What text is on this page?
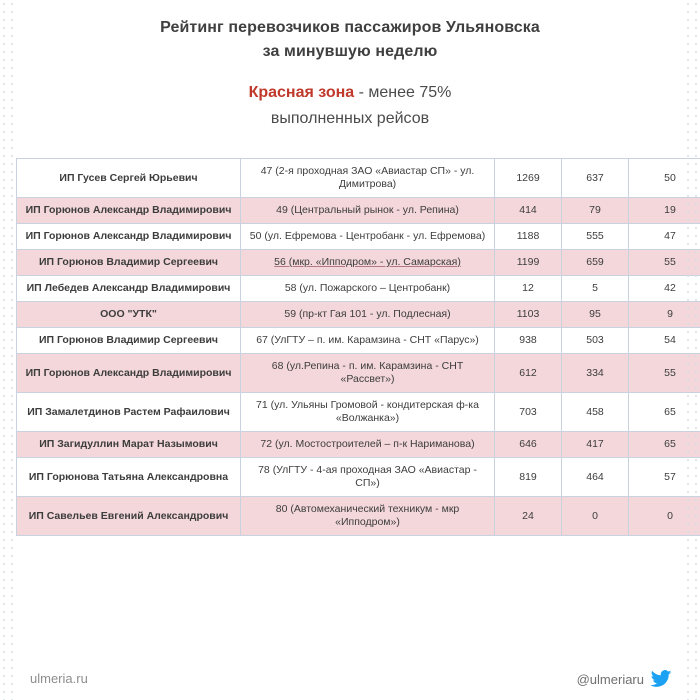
Рейтинг перевозчиков пассажиров Ульяновска
за минувшую неделю
Красная зона - менее 75%
выполненных рейсов
ИП Гусев Сергей Юрьевич	47 (2-я проходная ЗАО «Авиастар СП» - ул. Димитрова)	1269	637	50
ИП Горюнов Александр Владимирович	49 (Центральный рынок - ул. Репина)	414	79	19
ИП Горюнов Александр Владимирович	50 (ул. Ефремова - Центробанк - ул. Ефремова)	1188	555	47
ИП Горюнов Владимир Сергеевич	56 (мкр. «Ипподром» - ул. Самарская)	1199	659	55
ИП Лебедев Александр Владимирович	58 (ул. Пожарского – Центробанк)	12	5	42
ООО "УТК"	59 (пр-кт Гая 101 - ул. Подлесная)	1103	95	9
ИП Горюнов Владимир Сергеевич	67 (УлГТУ – п. им. Карамзина - СНТ «Парус»)	938	503	54
ИП Горюнов Александр Владимирович	68 (ул.Репина - п. им. Карамзина - СНТ «Рассвет»)	612	334	55
ИП Замалетдинов Растем Рафаилович	71 (ул. Ульяны Громовой - кондитерская ф-ка «Волжанка»)	703	458	65
ИП Загидуллин Марат Назымович	72 (ул. Мостостроителей – п-к Нариманова)	646	417	65
ИП Горюнова Татьяна Александровна	78 (УлГТУ - 4-ая проходная ЗАО «Авиастар - СП»)	819	464	57
ИП Савельев Евгений Александрович	80 (Автомеханический техникум - мкр «Ипподром»)	24	0	0
ulmeria.ru	@ulmeriaru
